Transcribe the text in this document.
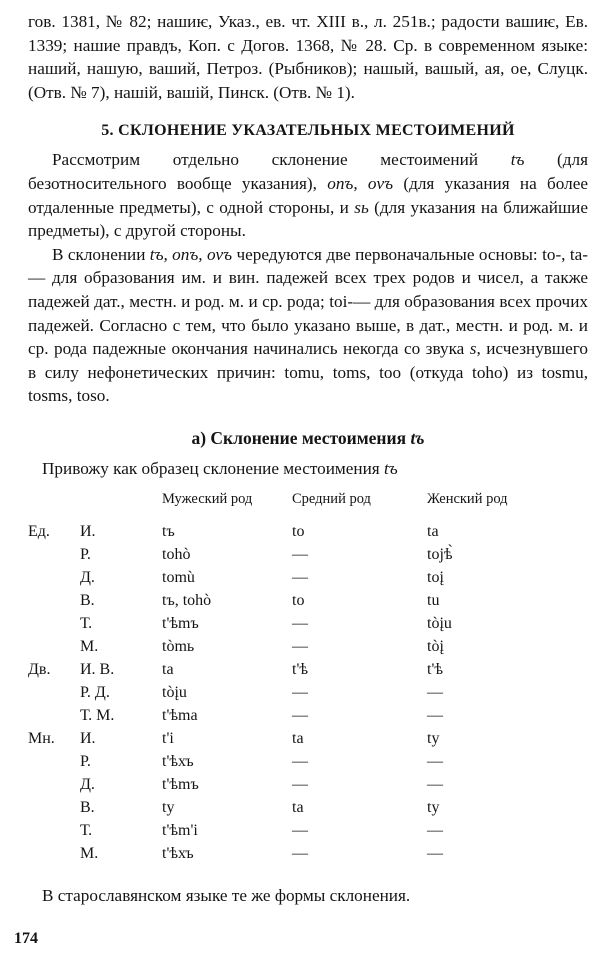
гов. 1381, № 82; нашиѥ, Указ., ев. чт. XIII в., л. 251в.; радости вашиѥ, Ев. 1339; нашие правдъ, Коп. с Догов. 1368, № 28. Ср. в современном языке: наший, нашую, ваший, Петроз. (Рыбников); нашый, вашый, ая, ое, Слуцк. (Отв. № 7), нашій, вашій, Пинск. (Отв. № 1).

5. СКЛОНЕНИЕ УКАЗАТЕЛЬНЫХ МЕСТОИМЕНИЙ

Рассмотрим отдельно склонение местоимений tъ (для безотносительного вообще указания), onъ, ovъ (для указания на более отдаленные предметы), с одной стороны, и sь (для указания на ближайшие предметы), с другой стороны.

В склонении tъ, onъ, ovъ чередуются две первоначальные основы: to-, ta-— для образования им. и вин. падежей всех трех родов и чисел, а также падежей дат., местн. и род. м. и ср. рода; toi-— для образования всех прочих падежей. Согласно с тем, что было указано выше, в дат., местн. и род. м. и ср. рода падежные окончания начинались некогда со звука s, исчезнувшего в силу нефонетических причин: tomu, toms, too (откуда toho) из tosmu, tosms, toso.

а) Склонение местоимения tъ

Привожу как образец склонение местоимения tъ

		Мужеский род	Средний род	Женский род
Ед.	И.	tъ	to	ta
	Р.	tohò	—	tojѣ̀
	Д.	tomù	—	toį
	В.	tъ, tohò	to	tu
	Т.	t'ѣmъ	—	tòįu
	М.	tòmь	—	tòį
Дв.	И. В.	ta	t'ѣ	t'ѣ
	Р. Д.	tòįu	—	—
	Т. М.	t'ѣma	—	—
Мн.	И.	t'i	ta	ty
	Р.	t'ѣхъ	—	—
	Д.	t'ѣmъ	—	—
	В.	ty	ta	ty
	Т.	t'ѣm'i	—	—
	М.	t'ѣхъ	—	—

В старославянском языке те же формы склонения.

174
